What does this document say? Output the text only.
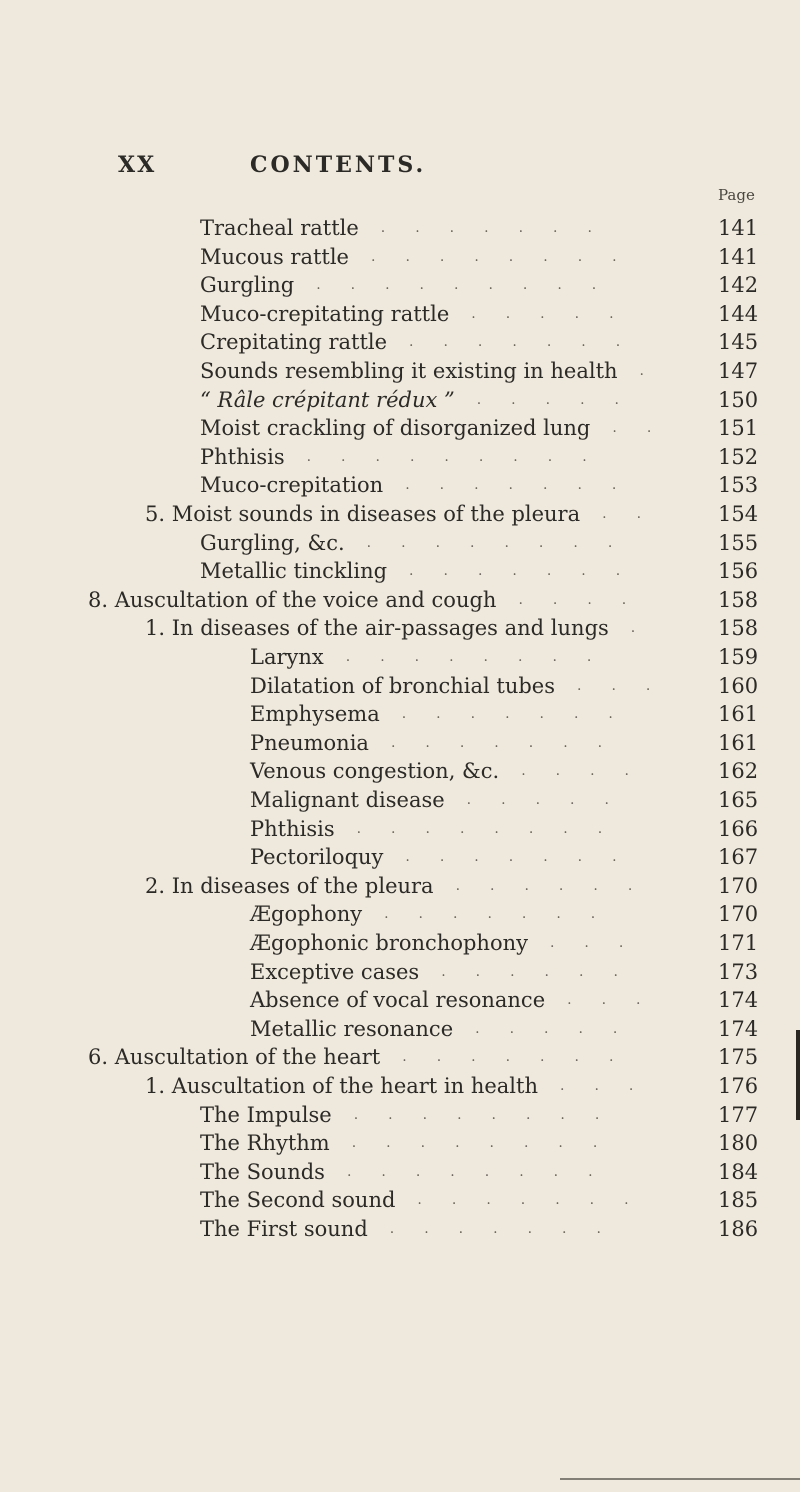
XX	CONTENTS.
Page
Tracheal rattle	141
.......
Mucous rattle	141
........
Gurgling	142
.........
Muco-crepitating rattle	144
.....
Crepitating rattle	145
.......
Sounds resembling it existing in health	147
.
“ Râle crépitant rédux ”	150
.....
Moist crackling of disorganized lung	151
..
Phthisis	152
.........
Muco-crepitation	153
.......
5. Moist sounds in diseases of the pleura	154
..
Gurgling, &c.	155
........
Metallic tinckling	156
.......
8. Auscultation of the voice and cough	158
....
1. In diseases of the air-passages and lungs	158
.
Larynx	159
........
Dilatation of bronchial tubes	160
...
Emphysema	161
.......
Pneumonia	161
.......
Venous congestion, &c.	162
....
Malignant disease	165
.....
Phthisis	166
........
Pectoriloquy	167
.......
2. In diseases of the pleura	170
......
Ægophony	170
.......
Ægophonic bronchophony	171
...
Exceptive cases	173
......
Absence of vocal resonance	174
...
Metallic resonance	174
.....
6. Auscultation of the heart	175
.......
1. Auscultation of the heart in health	176
...
The Impulse	177
........
The Rhythm	180
........
The Sounds	184
........
The Second sound	185
.......
The First sound	186
.......
